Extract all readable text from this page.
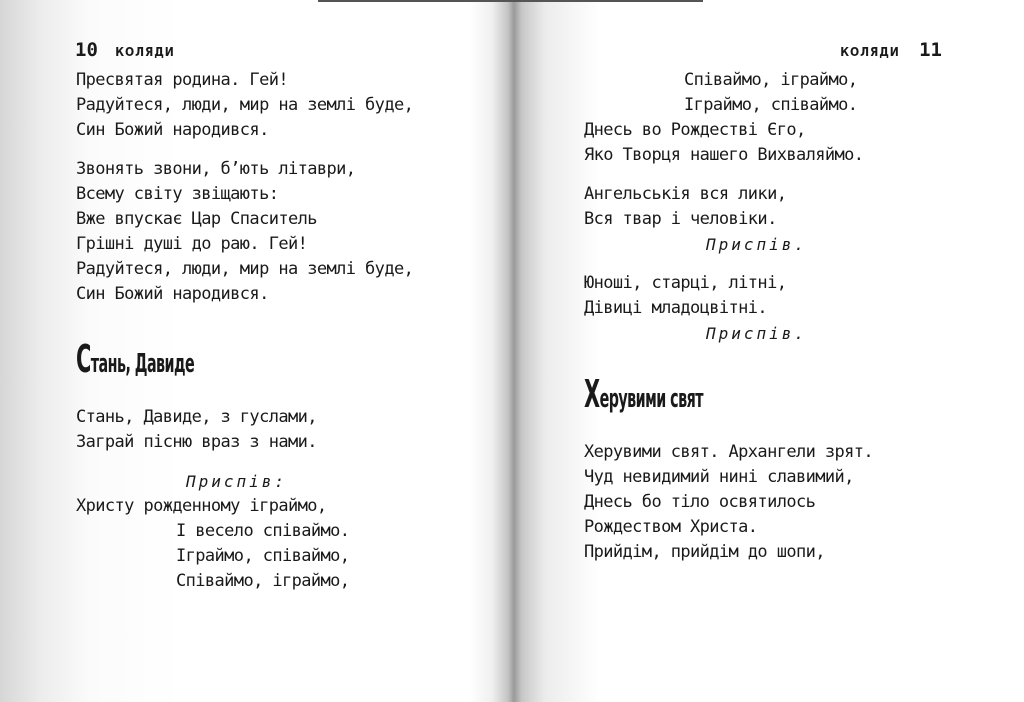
10 КОЛЯДИ
Пресвятая родина. Гей!
Радуйтеся, люди, мир на землі буде,
Син Божий народився.
Звонять звони, б’ють літаври,
Всему світу звіщають:
Вже впускає Цар Спаситель
Грішні душі до раю. Гей!
Радуйтеся, люди, мир на землі буде,
Син Божий народився.
Стань, Давиде
Стань, Давиде, з гуслами,
Заграй пісню враз з нами.
Приспів:
Христу рожденному іграймо,
І весело співаймо.
Іграймо, співаймо,
Співаймо, іграймо,
КОЛЯДИ 11
Співаймо, іграймо,
Іграймо, співаймо.
Днесь во Рождестві Єго,
Яко Творця нашего Вихваляймо.
Ангельськія вся лики,
Вся твар і человіки.
Приспів.
Юноші, старці, літні,
Дівиці младоцвітні.
Приспів.
Херувими свят
Херувими свят. Архангели зрят.
Чуд невидимий нині славимий,
Днесь бо тіло освятилось
Рождеством Христа.
Прийдім, прийдім до шопи,
